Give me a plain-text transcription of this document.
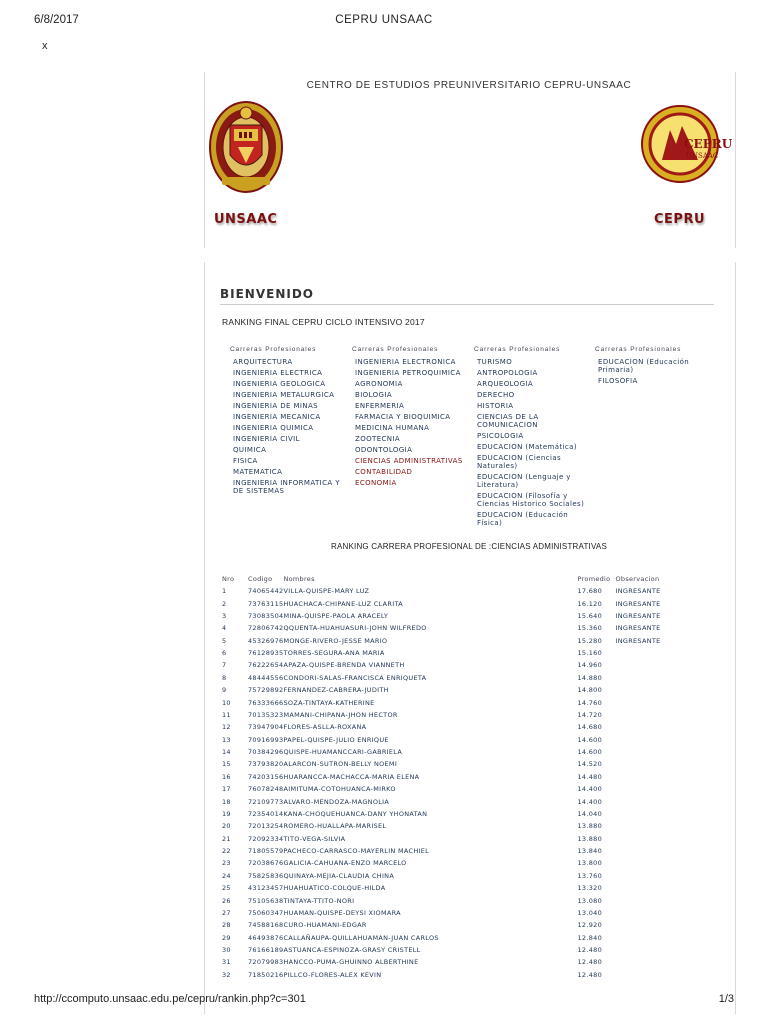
6/8/2017	CEPRU UNSAAC
x
CENTRO DE ESTUDIOS PREUNIVERSITARIO CEPRU-UNSAAC
UNSAAC
CEPRU
UNSAAC
CEPRU
BIENVENIDO
RANKING FINAL CEPRU CICLO INTENSIVO 2017
Carreras Profesionales
ARQUITECTURA
INGENIERIA ELECTRICA
INGENIERIA GEOLOGICA
INGENIERIA METALURGICA
INGENIERIA DE MINAS
INGENIERIA MECANICA
INGENIERIA QUIMICA
INGENIERIA CIVIL
QUIMICA
FISICA
MATEMATICA
INGENIERIA INFORMATICA Y DE SISTEMAS
Carreras Profesionales
INGENIERIA ELECTRONICA
INGENIERIA PETROQUIMICA
AGRONOMIA
BIOLOGIA
ENFERMERIA
FARMACIA Y BIOQUIMICA
MEDICINA HUMANA
ZOOTECNIA
ODONTOLOGIA
CIENCIAS ADMINISTRATIVAS
CONTABILIDAD
ECONOMIA
Carreras Profesionales
TURISMO
ANTROPOLOGIA
ARQUEOLOGIA
DERECHO
HISTORIA
CIENCIAS DE LA COMUNICACION
PSICOLOGIA
EDUCACION (Matemática)
EDUCACION (Ciencias Naturales)
EDUCACION (Lenguaje y Literatura)
EDUCACION (Filosofía y Ciencias Historico Sociales)
EDUCACION (Educación Física)
Carreras Profesionales
EDUCACION (Educación Primaria)
FILOSOFIA
RANKING CARRERA PROFESIONAL DE :CIENCIAS ADMINISTRATIVAS
Nro	Codigo	Nombres	Promedio	Observacion
1	74065442	VILLA-QUISPE-MARY LUZ	17.680	INGRESANTE
2	73763115	HUACHACA-CHIPANE-LUZ CLARITA	16.120	INGRESANTE
3	73083504	MINA-QUISPE-PAOLA ARACELY	15.640	INGRESANTE
4	72806742	QQUENTA-HUAHUASURI-JOHN WILFREDO	15.360	INGRESANTE
5	45326976	MONGE-RIVERO-JESSE MARIO	15.280	INGRESANTE
6	76128935	TORRES-SEGURA-ANA MARIA	15.160	
7	76222654	APAZA-QUISPE-BRENDA VIANNETH	14.960	
8	48444556	CONDORI-SALAS-FRANCISCA ENRIQUETA	14.880	
9	75729892	FERNANDEZ-CABRERA-JUDITH	14.800	
10	76333666	SOZA-TINTAYA-KATHERINE	14.760	
11	70135323	MAMANI-CHIPANA-JHON HECTOR	14.720	
12	73947904	FLORES-ASLLA-ROXANA	14.680	
13	70916993	PAPEL-QUISPE-JULIO ENRIQUE	14.600	
14	70384296	QUISPE-HUAMANCCARI-GABRIELA	14.600	
15	73793820	ALARCON-SUTRON-BELLY NOEMI	14.520	
16	74203156	HUARANCCA-MACHACCA-MARIA ELENA	14.480	
17	76078248	AIMITUMA-COTOHUANCA-MIRKO	14.400	
18	72109773	ALVARO-MENDOZA-MAGNOLIA	14.400	
19	72354014	KANA-CHOQUEHUANCA-DANY YHONATAN	14.040	
20	72013254	ROMERO-HUALLAPA-MARISEL	13.880	
21	72092334	TITO-VEGA-SILVIA	13.880	
22	71805579	PACHECO-CARRASCO-MAYERLIN MACHIEL	13.840	
23	72038676	GALICIA-CAHUANA-ENZO MARCELO	13.800	
24	75825836	QUINAYA-MEJIA-CLAUDIA CHINA	13.760	
25	43123457	HUAHUATICO-COLQUE-HILDA	13.320	
26	75105638	TINTAYA-TTITO-NORI	13.080	
27	75060347	HUAMAN-QUISPE-DEYSI XIOMARA	13.040	
28	74588168	CURO-HUAMANI-EDGAR	12.920	
29	46493876	CALLAÑAUPA-QUILLAHUAMAN-JUAN CARLOS	12.840	
30	76166189	ASTUANCA-ESPINOZA-GRASY CRISTELL	12.480	
31	72079983	HANCCO-PUMA-GHUINNO ALBERTHINE	12.480	
32	71850216	PILLCO-FLORES-ALEX KEVIN	12.480	
http://ccomputo.unsaac.edu.pe/cepru/rankin.php?c=301	1/3
